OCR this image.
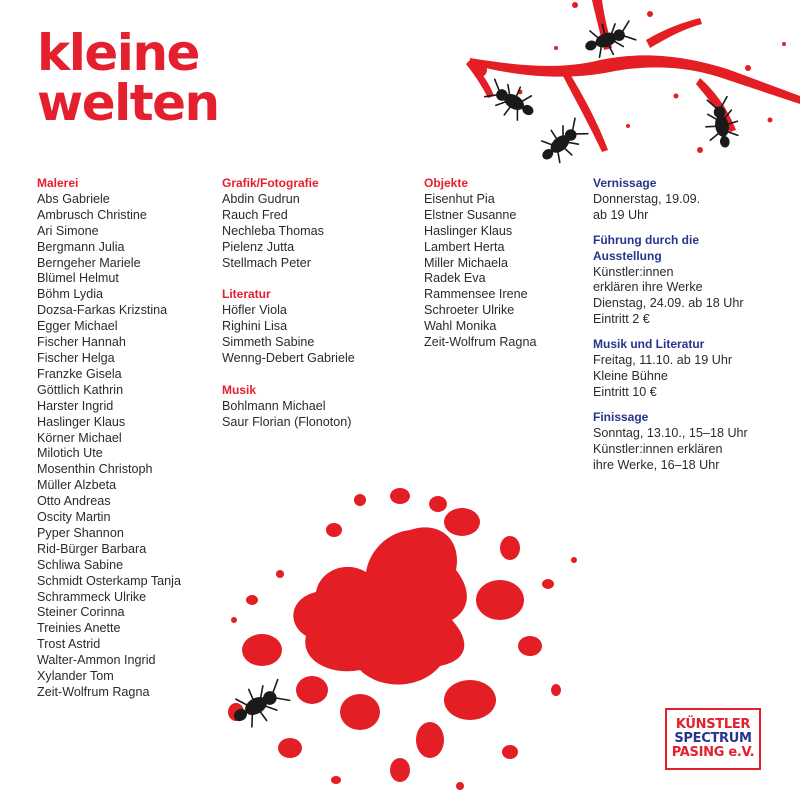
kleine
welten
Malerei
Abs Gabriele
Ambrusch Christine
Ari Simone
Bergmann Julia
Berngeher Mariele
Blümel Helmut
Böhm Lydia
Dozsa-Farkas Krizstina
Egger Michael
Fischer Hannah
Fischer Helga
Franzke Gisela
Göttlich Kathrin
Harster Ingrid
Haslinger Klaus
Körner Michael
Milotich Ute
Mosenthin Christoph
Müller Alzbeta
Otto Andreas
Oscity Martin
Pyper Shannon
Rid-Bürger Barbara
Schliwa Sabine
Schmidt Osterkamp Tanja
Schrammeck Ulrike
Steiner Corinna
Treinies Anette
Trost Astrid
Walter-Ammon Ingrid
Xylander Tom
Zeit-Wolfrum Ragna
Grafik/Fotografie
Abdin Gudrun
Rauch Fred
Nechleba Thomas
Pielenz Jutta
Stellmach Peter
Literatur
Höfler Viola
Righini Lisa
Simmeth Sabine
Wenng-Debert Gabriele
Musik
Bohlmann Michael
Saur Florian (Flonoton)
Objekte
Eisenhut Pia
Elstner Susanne
Haslinger Klaus
Lambert Herta
Miller Michaela
Radek Eva
Rammensee Irene
Schroeter Ulrike
Wahl Monika
Zeit-Wolfrum Ragna
Vernissage
Donnerstag, 19.09.
ab 19 Uhr
Führung durch die Ausstellung
Künstler:innen
erklären ihre Werke
Dienstag, 24.09. ab 18 Uhr
Eintritt 2 €
Musik und Literatur
Freitag, 11.10. ab 19 Uhr
Kleine Bühne
Eintritt 10 €
Finissage
Sonntag, 13.10., 15–18 Uhr
Künstler:innen erklären
ihre Werke, 16–18 Uhr
KÜNSTLER
SPECTRUM
PASING e.V.
